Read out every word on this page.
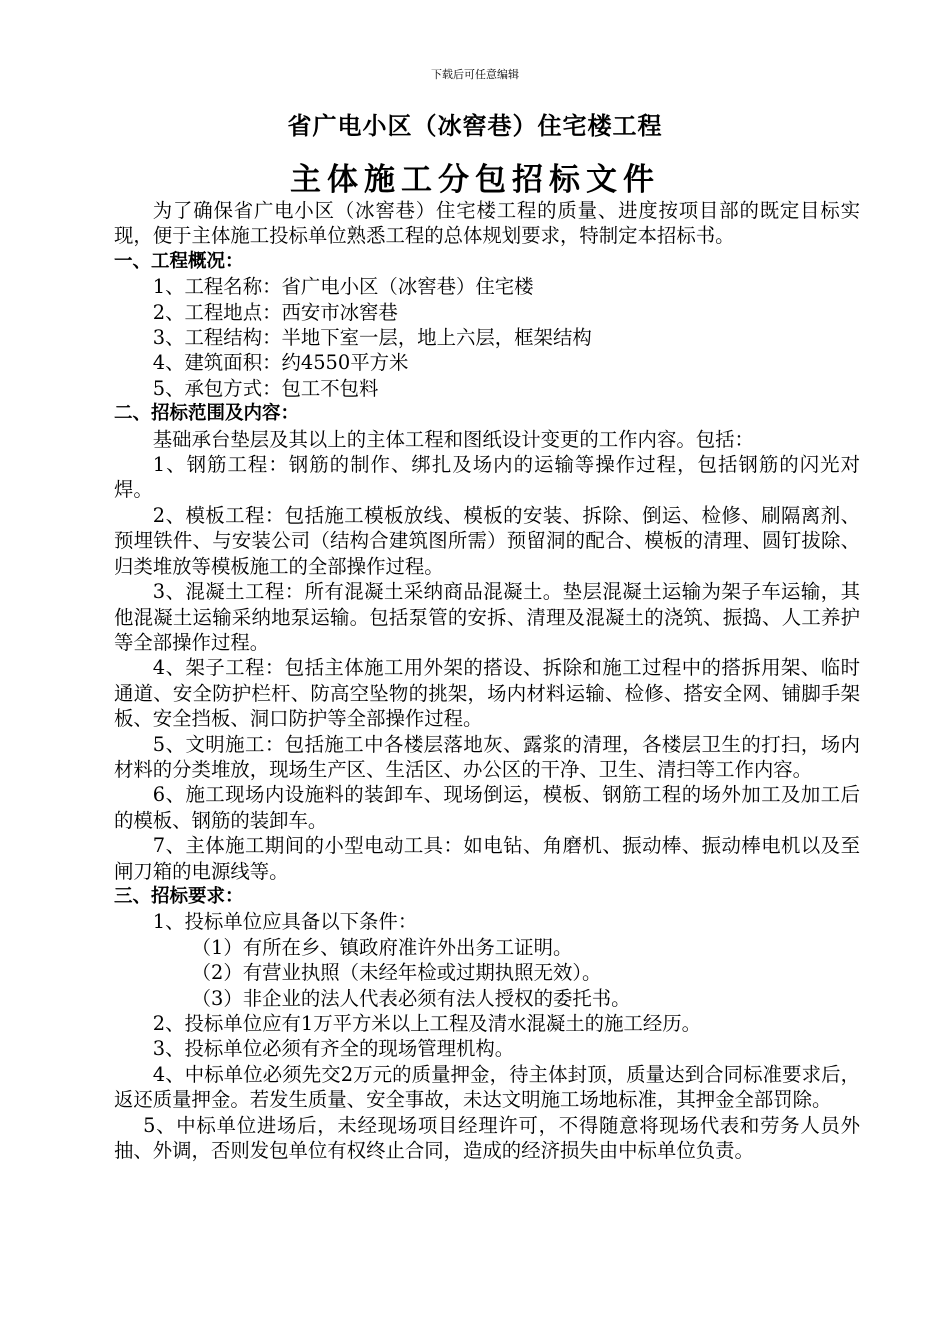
下载后可任意编辑
省广电小区（冰窖巷）住宅楼工程
主体施工分包招标文件

为了确保省广电小区（冰窖巷）住宅楼工程的质量、进度按项目部的既定目标实现，便于主体施工投标单位熟悉工程的总体规划要求，特制定本招标书。

一、工程概况：

1、工程名称：省广电小区（冰窖巷）住宅楼

2、工程地点：西安市冰窖巷

3、工程结构：半地下室一层，地上六层，框架结构

4、建筑面积：约4550平方米

5、承包方式：包工不包料

二、招标范围及内容：

基础承台垫层及其以上的主体工程和图纸设计变更的工作内容。包括：

1、钢筋工程：钢筋的制作、绑扎及场内的运输等操作过程，包括钢筋的闪光对焊。

2、模板工程：包括施工模板放线、模板的安装、拆除、倒运、检修、刷隔离剂、预埋铁件、与安装公司（结构合建筑图所需）预留洞的配合、模板的清理、圆钉拔除、归类堆放等模板施工的全部操作过程。

3、混凝土工程：所有混凝土采纳商品混凝土。垫层混凝土运输为架子车运输，其他混凝土运输采纳地泵运输。包括泵管的安拆、清理及混凝土的浇筑、振捣、人工养护等全部操作过程。

4、架子工程：包括主体施工用外架的搭设、拆除和施工过程中的搭拆用架、临时通道、安全防护栏杆、防高空坠物的挑架，场内材料运输、检修、搭安全网、铺脚手架板、安全挡板、洞口防护等全部操作过程。

5、文明施工：包括施工中各楼层落地灰、露浆的清理，各楼层卫生的打扫，场内材料的分类堆放，现场生产区、生活区、办公区的干净、卫生、清扫等工作内容。

6、施工现场内设施料的装卸车、现场倒运，模板、钢筋工程的场外加工及加工后的模板、钢筋的装卸车。

7、主体施工期间的小型电动工具：如电钻、角磨机、振动棒、振动棒电机以及至闸刀箱的电源线等。

三、招标要求：

1、投标单位应具备以下条件：

（1）有所在乡、镇政府准许外出务工证明。

（2）有营业执照（未经年检或过期执照无效）。

（3）非企业的法人代表必须有法人授权的委托书。

2、投标单位应有1万平方米以上工程及清水混凝土的施工经历。

3、投标单位必须有齐全的现场管理机构。

4、中标单位必须先交2万元的质量押金，待主体封顶，质量达到合同标准要求后，返还质量押金。若发生质量、安全事故，未达文明施工场地标准，其押金全部罚除。

5、中标单位进场后，未经现场项目经理许可，不得随意将现场代表和劳务人员外抽、外调，否则发包单位有权终止合同，造成的经济损失由中标单位负责。
